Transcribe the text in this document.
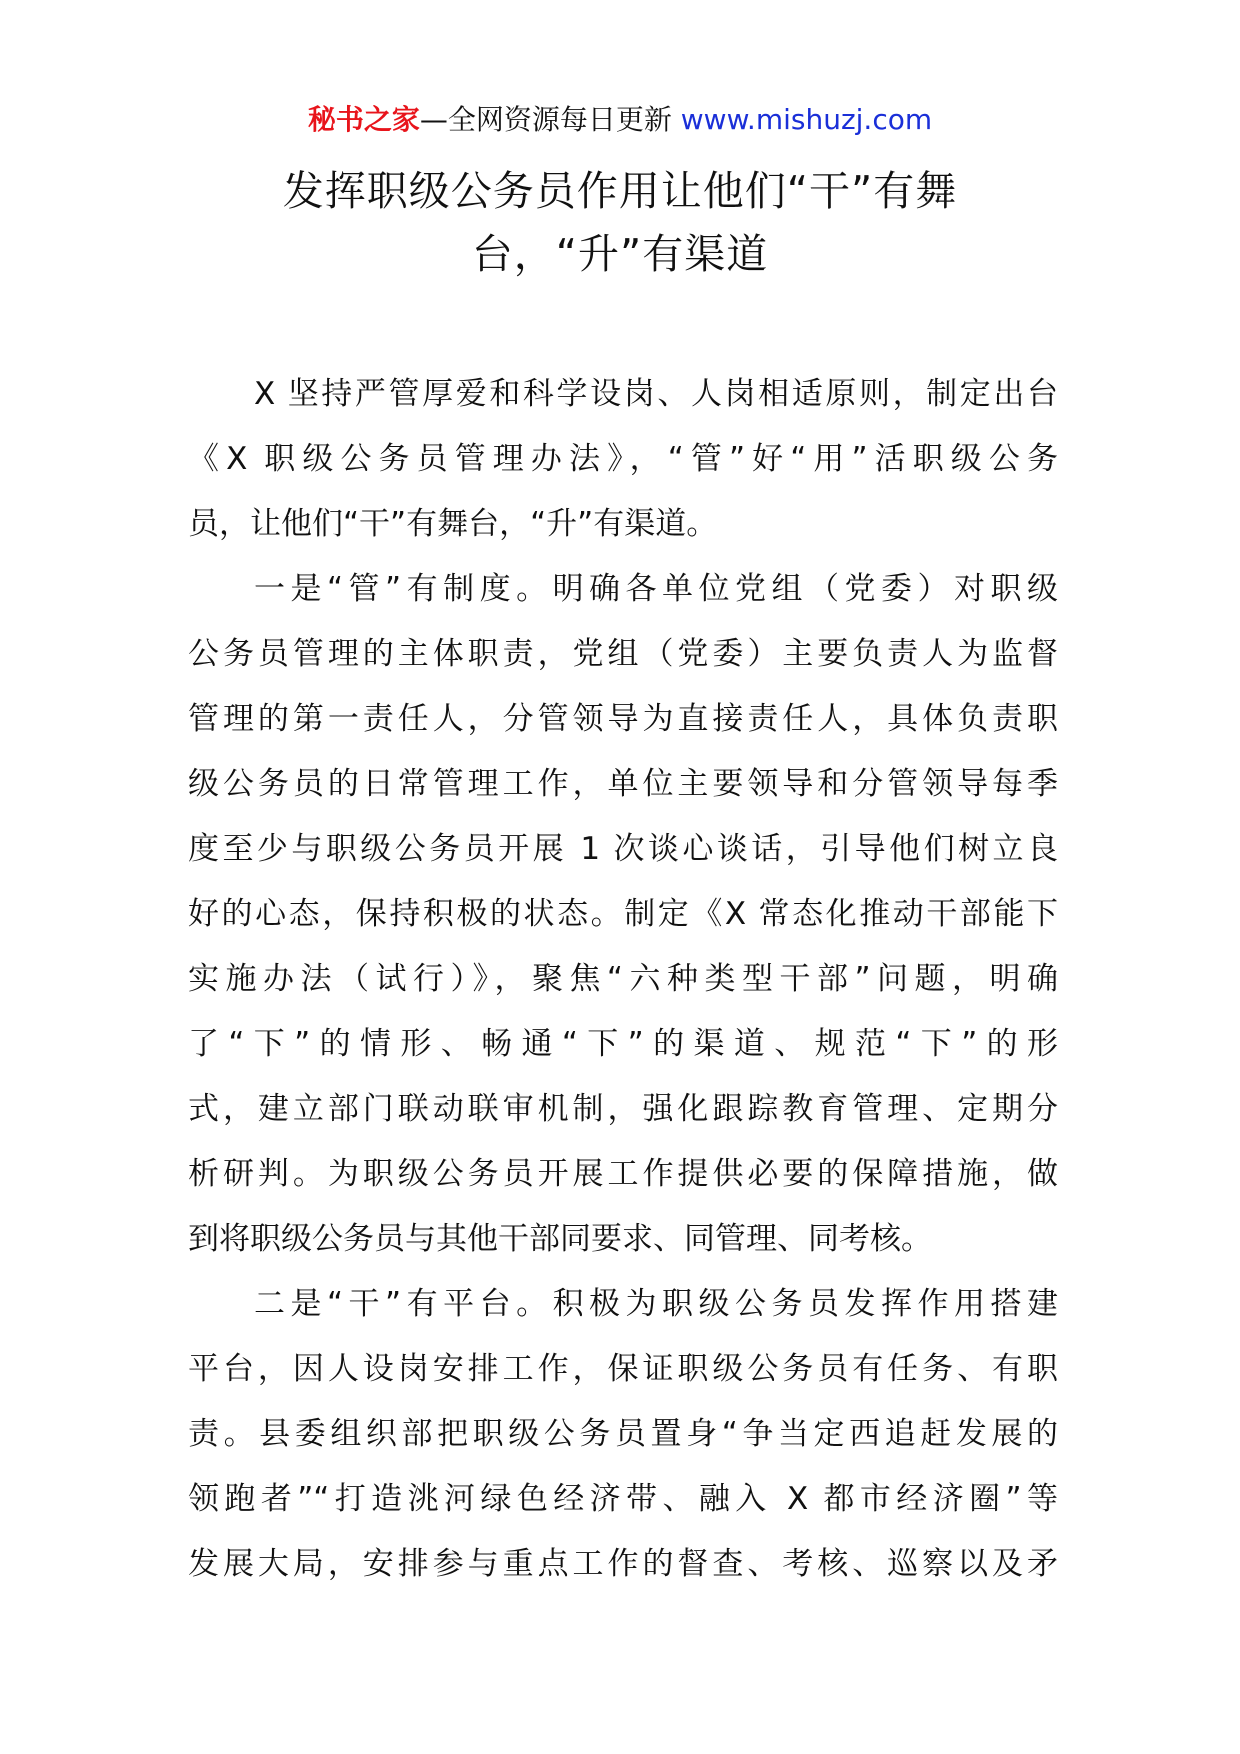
秘书之家—全网资源每日更新 www.mishuzj.com
发挥职级公务员作用让他们“干”有舞
台，“升”有渠道
X 坚持严管厚爱和科学设岗、人岗相适原则，制定出台
《X 职级公务员管理办法》，“管”好“用”活职级公务
员，让他们“干”有舞台，“升”有渠道。
一是“管”有制度。明确各单位党组（党委）对职级
公务员管理的主体职责，党组（党委）主要负责人为监督
管理的第一责任人，分管领导为直接责任人，具体负责职
级公务员的日常管理工作，单位主要领导和分管领导每季
度至少与职级公务员开展 1 次谈心谈话，引导他们树立良
好的心态，保持积极的状态。制定《X 常态化推动干部能下
实施办法（试行）》，聚焦“六种类型干部”问题，明确
了“下”的情形、畅通“下”的渠道、规范“下”的形
式，建立部门联动联审机制，强化跟踪教育管理、定期分
析研判。为职级公务员开展工作提供必要的保障措施，做
到将职级公务员与其他干部同要求、同管理、同考核。
二是“干”有平台。积极为职级公务员发挥作用搭建
平台，因人设岗安排工作，保证职级公务员有任务、有职
责。县委组织部把职级公务员置身“争当定西追赶发展的
领跑者”“打造洮河绿色经济带、融入 X 都市经济圈”等
发展大局，安排参与重点工作的督查、考核、巡察以及矛
